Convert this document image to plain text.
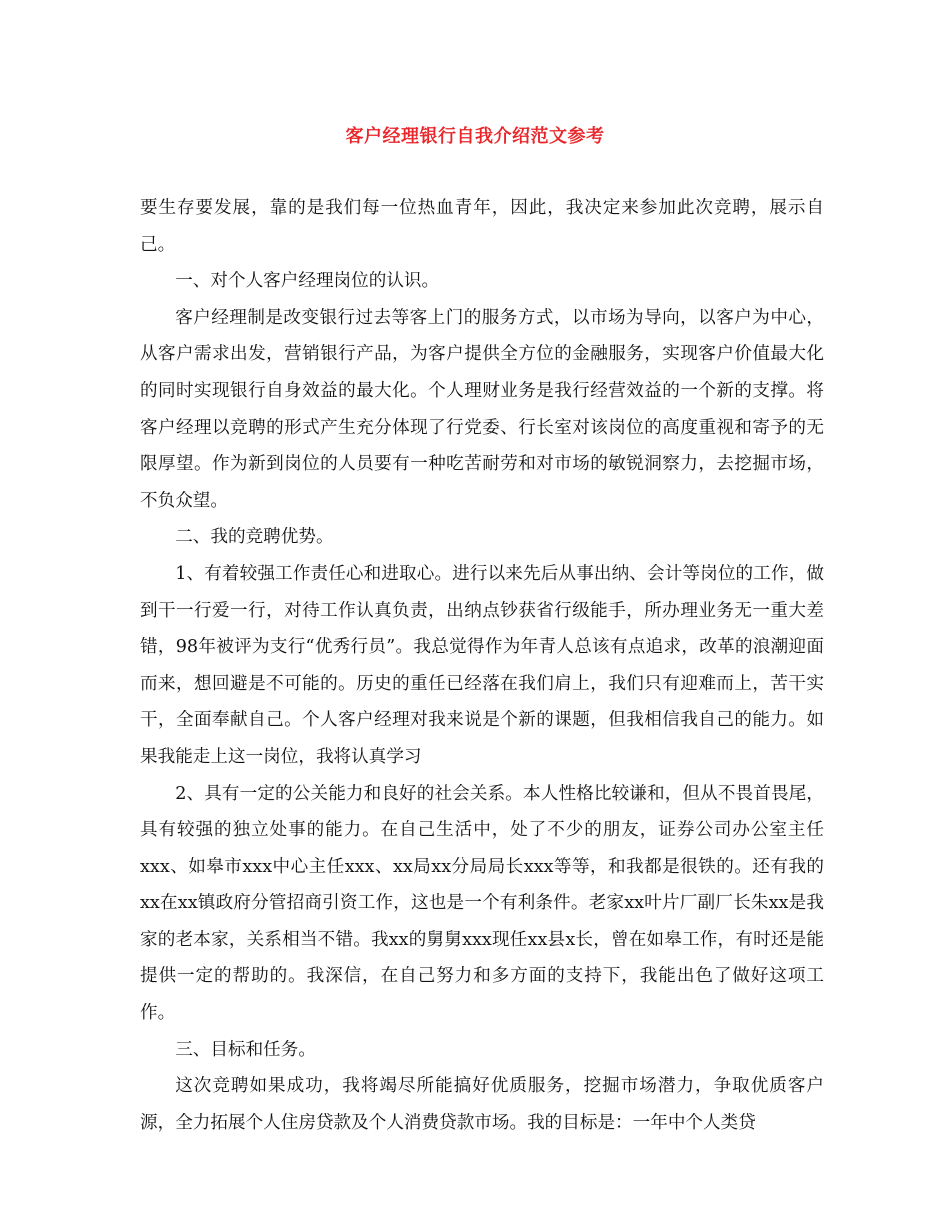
客户经理银行自我介绍范文参考

要生存要发展，靠的是我们每一位热血青年，因此，我决定来参加此次竞聘，展示自己。

一、对个人客户经理岗位的认识。

客户经理制是改变银行过去等客上门的服务方式，以市场为导向，以客户为中心，从客户需求出发，营销银行产品，为客户提供全方位的金融服务，实现客户价值最大化的同时实现银行自身效益的最大化。个人理财业务是我行经营效益的一个新的支撑。将客户经理以竞聘的形式产生充分体现了行党委、行长室对该岗位的高度重视和寄予的无限厚望。作为新到岗位的人员要有一种吃苦耐劳和对市场的敏锐洞察力，去挖掘市场，不负众望。

二、我的竞聘优势。

1、有着较强工作责任心和进取心。进行以来先后从事出纳、会计等岗位的工作，做到干一行爱一行，对待工作认真负责，出纳点钞获省行级能手，所办理业务无一重大差错，98年被评为支行“优秀行员”。我总觉得作为年青人总该有点追求，改革的浪潮迎面而来，想回避是不可能的。历史的重任已经落在我们肩上，我们只有迎难而上，苦干实干，全面奉献自己。个人客户经理对我来说是个新的课题，但我相信我自己的能力。如果我能走上这一岗位，我将认真学习

2、具有一定的公关能力和良好的社会关系。本人性格比较谦和，但从不畏首畏尾，具有较强的独立处事的能力。在自己生活中，处了不少的朋友，证券公司办公室主任xxx、如皋市xxx中心主任xxx、xx局xx分局局长xxx等等，和我都是很铁的。还有我的xx在xx镇政府分管招商引资工作，这也是一个有利条件。老家xx叶片厂副厂长朱xx是我家的老本家，关系相当不错。我xx的舅舅xxx现任xx县x长，曾在如皋工作，有时还是能提供一定的帮助的。我深信，在自己努力和多方面的支持下，我能出色了做好这项工作。

三、目标和任务。

这次竞聘如果成功，我将竭尽所能搞好优质服务，挖掘市场潜力，争取优质客户源，全力拓展个人住房贷款及个人消费贷款市场。我的目标是：一年中个人类贷
